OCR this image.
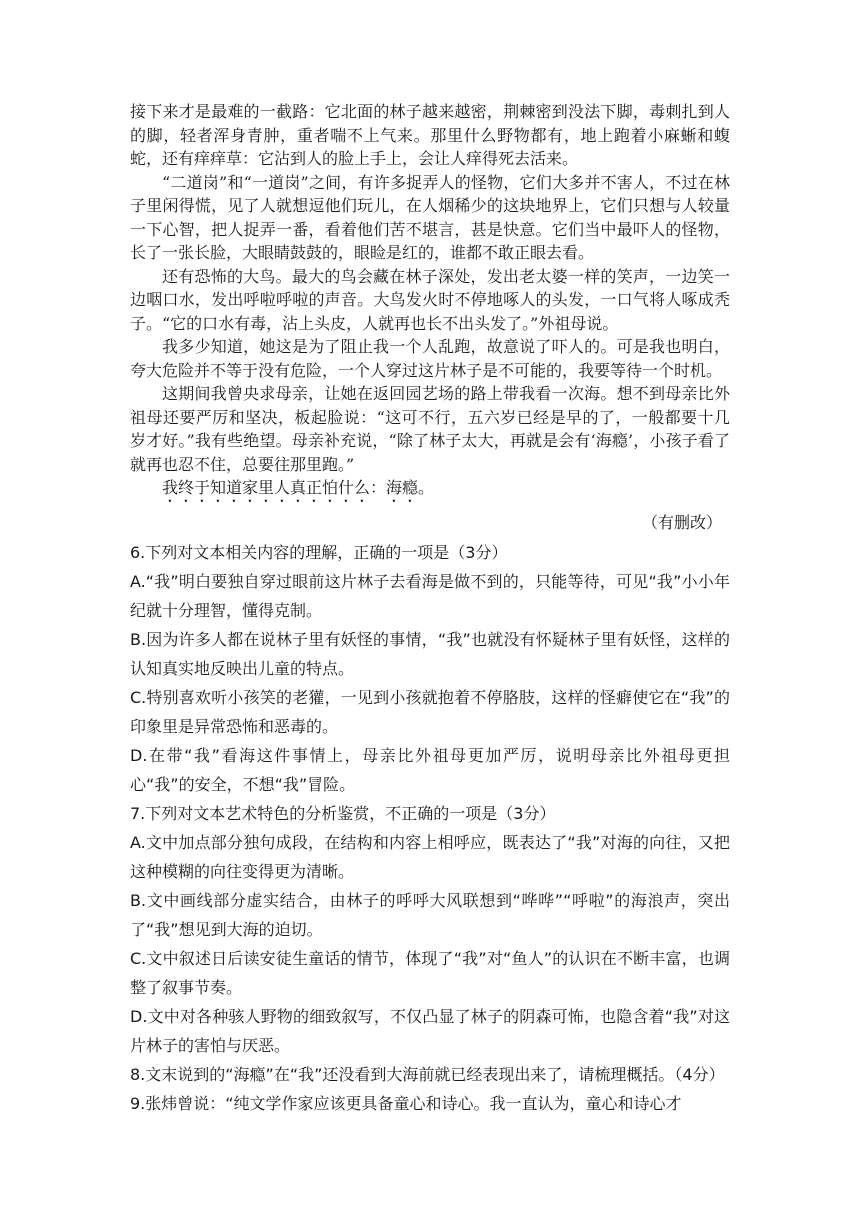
接下来才是最难的一截路：它北面的林子越来越密，荆棘密到没法下脚，毒刺扎到人的脚，轻者浑身青肿，重者喘不上气来。那里什么野物都有，地上跑着小麻蜥和蝮蛇，还有痒痒草：它沾到人的脸上手上，会让人痒得死去活来。

“二道岗”和“一道岗”之间，有许多捉弄人的怪物，它们大多并不害人，不过在林子里闲得慌，见了人就想逗他们玩儿，在人烟稀少的这块地界上，它们只想与人较量一下心智，把人捉弄一番，看着他们苦不堪言，甚是快意。它们当中最吓人的怪物，长了一张长脸，大眼睛鼓鼓的，眼睑是红的，谁都不敢正眼去看。

还有恐怖的大鸟。最大的鸟会藏在林子深处，发出老太婆一样的笑声，一边笑一边咽口水，发出呼啦呼啦的声音。大鸟发火时不停地啄人的头发，一口气将人啄成秃子。“它的口水有毒，沾上头皮，人就再也长不出头发了。”外祖母说。

我多少知道，她这是为了阻止我一个人乱跑，故意说了吓人的。可是我也明白，夸大危险并不等于没有危险，一个人穿过这片林子是不可能的，我要等待一个时机。

这期间我曾央求母亲，让她在返回园艺场的路上带我看一次海。想不到母亲比外祖母还要严厉和坚决，板起脸说：“这可不行，五六岁已经是早的了，一般都要十几岁才好。”我有些绝望。母亲补充说，“除了林子太大，再就是会有‘海瘾’，小孩子看了就再也忍不住，总要往那里跑。”

我终于知道家里人真正怕什么：海瘾。

（有删改）

6.下列对文本相关内容的理解，正确的一项是（3分）

A.“我”明白要独自穿过眼前这片林子去看海是做不到的，只能等待，可见“我”小小年纪就十分理智，懂得克制。

B.因为许多人都在说林子里有妖怪的事情，“我”也就没有怀疑林子里有妖怪，这样的认知真实地反映出儿童的特点。

C.特别喜欢听小孩笑的老獾，一见到小孩就抱着不停胳肢，这样的怪癖使它在“我”的印象里是异常恐怖和恶毒的。

D.在带“我”看海这件事情上，母亲比外祖母更加严厉，说明母亲比外祖母更担心“我”的安全，不想“我”冒险。

7.下列对文本艺术特色的分析鉴赏，不正确的一项是（3分）

A.文中加点部分独句成段，在结构和内容上相呼应，既表达了“我”对海的向往，又把这种模糊的向往变得更为清晰。

B.文中画线部分虚实结合，由林子的呼呼大风联想到“哗哗”“呼啦”的海浪声，突出了“我”想见到大海的迫切。

C.文中叙述日后读安徒生童话的情节，体现了“我”对“鱼人”的认识在不断丰富，也调整了叙事节奏。

D.文中对各种骇人野物的细致叙写，不仅凸显了林子的阴森可怖，也隐含着“我”对这片林子的害怕与厌恶。

8.文末说到的“海瘾”在“我”还没看到大海前就已经表现出来了，请梳理概括。（4分）

9.张炜曾说：“纯文学作家应该更具备童心和诗心。我一直认为，童心和诗心才
